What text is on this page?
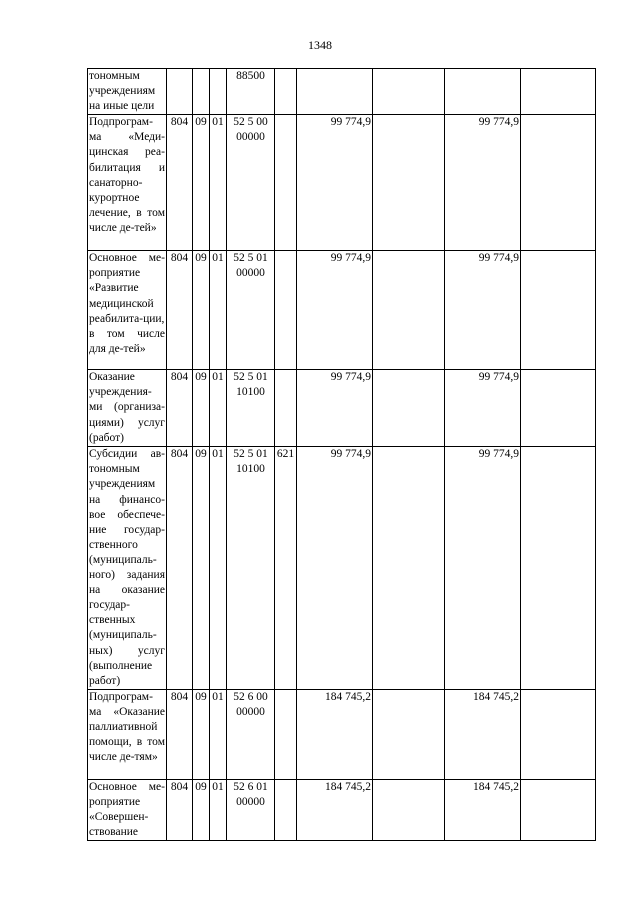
1348
тономным учреждениям на иные цели				88500					
Подпрограм-ма «Меди-цинская реа-билитация и санаторно-курортное лечение, в том числе де-тей»	804	09	01	52 5 00 00000		99 774,9		99 774,9	
Основное ме-роприятие «Развитие медицинской реабилита-ции, в том числе для де-тей»	804	09	01	52 5 01 00000		99 774,9		99 774,9	
Оказание учреждения-ми (организа-циями) услуг (работ)	804	09	01	52 5 01 10100		99 774,9		99 774,9	
Субсидии ав-тономным учреждениям на финансо-вое обеспече-ние государ-ственного (муниципаль-ного) задания на оказание государ-ственных (муниципаль-ных) услуг (выполнение работ)	804	09	01	52 5 01 10100	621	99 774,9		99 774,9	
Подпрограм-ма «Оказание паллиативной помощи, в том числе де-тям»	804	09	01	52 6 00 00000		184 745,2		184 745,2	
Основное ме-роприятие «Совершен-ствование	804	09	01	52 6 01 00000		184 745,2		184 745,2	
